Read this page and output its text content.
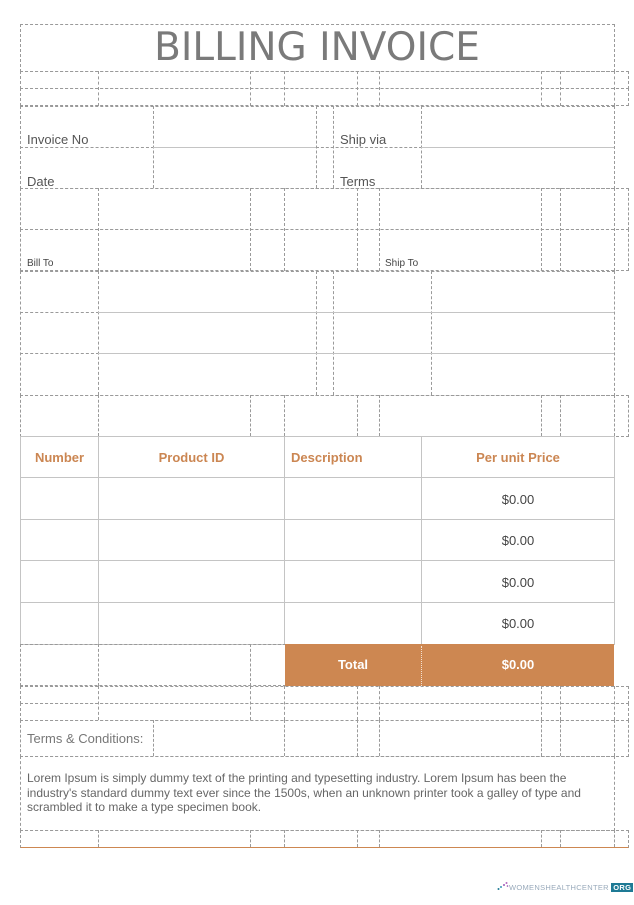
BILLING INVOICE
Invoice No
Date
Ship via
Terms
Bill To	Ship To
Number	Product ID	Description	Per unit Price
$0.00
$0.00
$0.00
$0.00
Total	$0.00
Terms & Conditions:
Lorem Ipsum is simply dummy text of the printing and typesetting industry. Lorem Ipsum has been the industry's standard dummy text ever since the 1500s, when an unknown printer took a galley of type and scrambled it to make a type specimen book.
WOMENSHEALTHCENTER ORG
